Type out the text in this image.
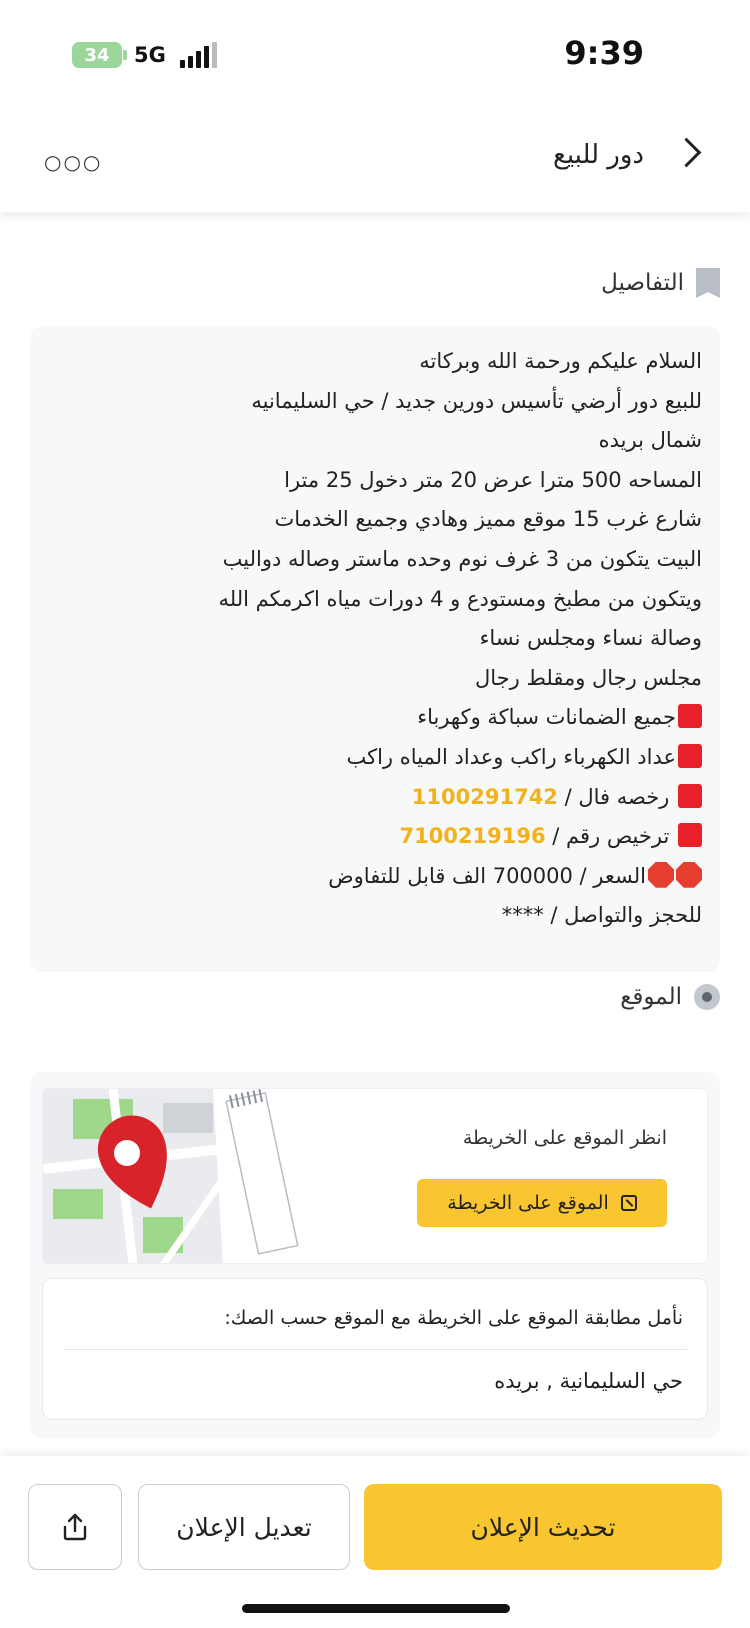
34 5G	9:39
دور للبيع
○○○
التفاصيل
السلام عليكم ورحمة الله وبركاته
للبيع دور أرضي تأسيس دورين جديد / حي السليمانيه
شمال بريده
المساحه 500 مترا عرض 20 متر دخول 25 مترا
شارع غرب 15 موقع مميز وهادي وجميع الخدمات
البيت يتكون من 3 غرف نوم وحده ماستر وصاله دواليب
ويتكون من مطبخ ومستودع و 4 دورات مياه اكرمكم الله
وصالة نساء ومجلس نساء
مجلس رجال ومقلط رجال
جميع الضمانات سباكة وكهرباء
عداد الكهرباء راكب وعداد المياه راكب
رخصه فال / 1100291742
ترخيص رقم / 7100219196
السعر / 700000 الف قابل للتفاوض
للحجز والتواصل / ****
الموقع
انظر الموقع على الخريطة
الموقع على الخريطة
نأمل مطابقة الموقع على الخريطة مع الموقع حسب الصك:
حي السليمانية , بريده
تحديث الإعلان
تعديل الإعلان
